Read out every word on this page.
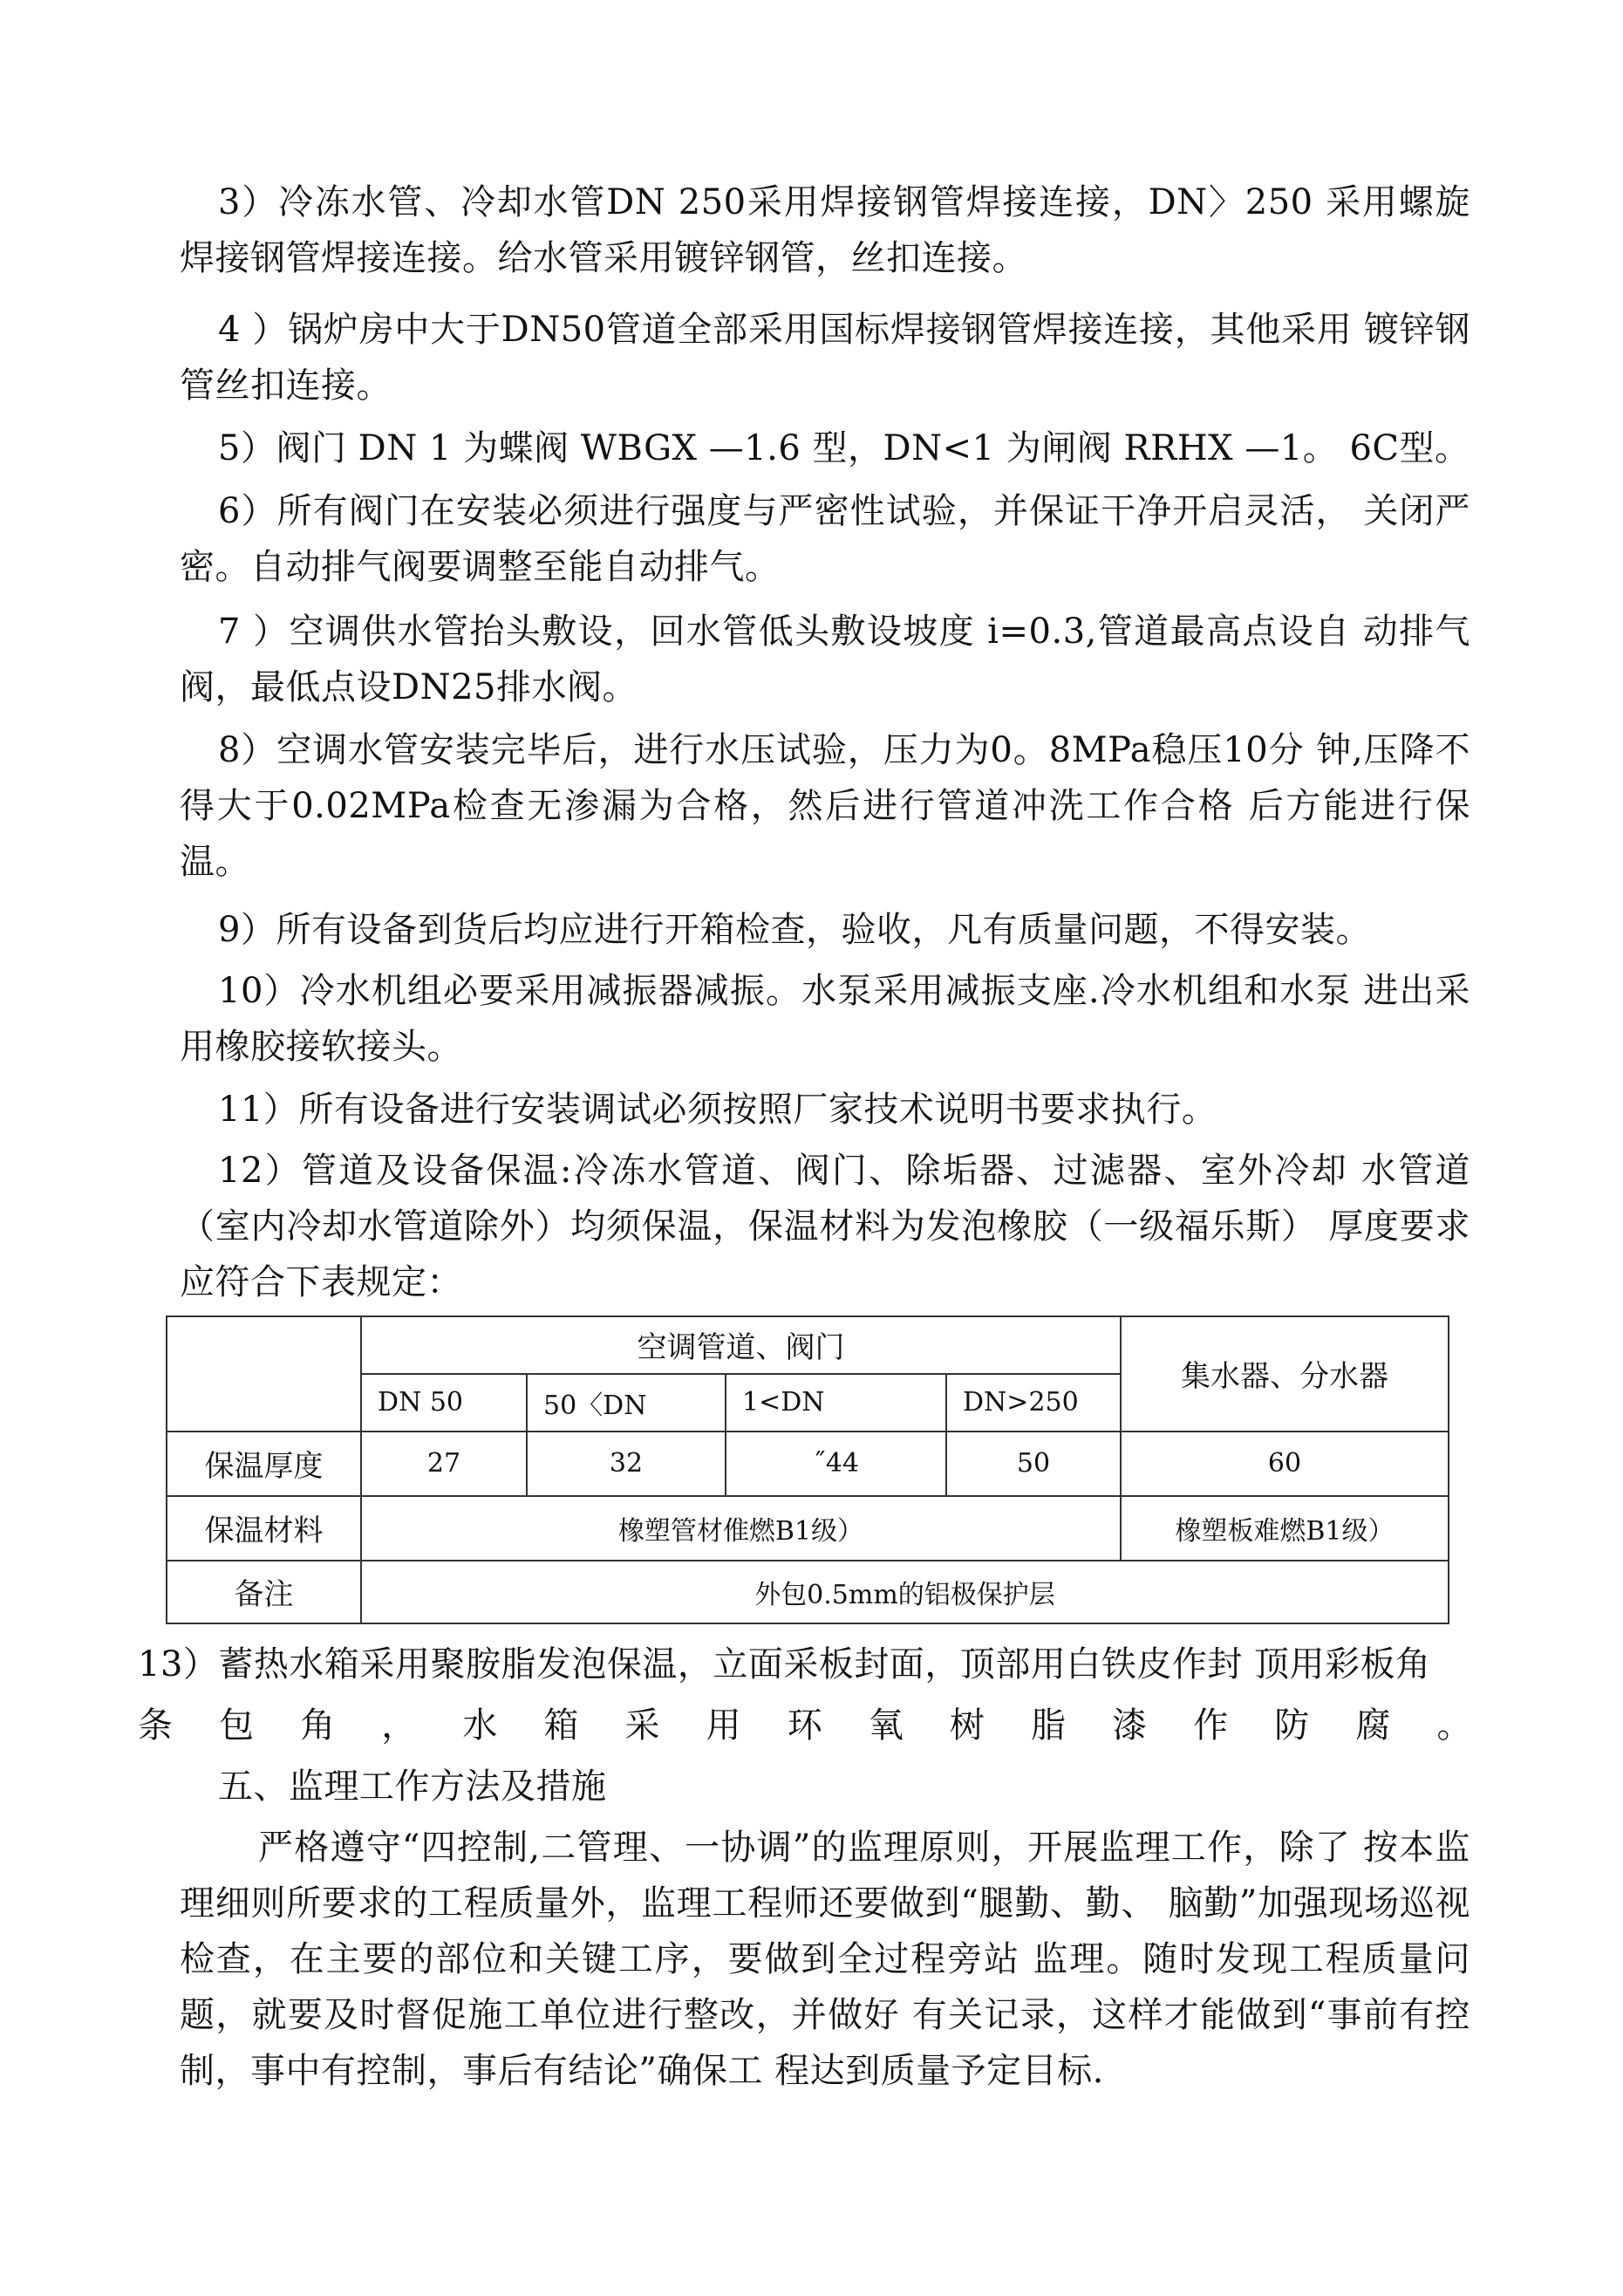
3）冷冻水管、冷却水管DN 250采用焊接钢管焊接连接，DN〉250 采用螺旋焊接钢管焊接连接。给水管采用镀锌钢管，丝扣连接。

4 ）锅炉房中大于DN50管道全部采用国标焊接钢管焊接连接，其他采用 镀锌钢管丝扣连接。

5）阀门 DN 1 为蝶阀 WBGX —1.6 型，DN<1 为闸阀 RRHX —1。 6C型。

6）所有阀门在安装必须进行强度与严密性试验，并保证干净开启灵活， 关闭严密。自动排气阀要调整至能自动排气。

7 ）空调供水管抬头敷设，回水管低头敷设坡度 i=0.3,管道最高点设自 动排气阀，最低点设DN25排水阀。

8）空调水管安装完毕后，进行水压试验，压力为0。8MPa稳压10分 钟,压降不得大于0.02MPa检查无渗漏为合格，然后进行管道冲洗工作合格 后方能进行保温。

9）所有设备到货后均应进行开箱检查，验收，凡有质量问题，不得安装。

10）冷水机组必要采用减振器减振。水泵采用减振支座.冷水机组和水泵 进出采用橡胶接软接头。

11）所有设备进行安装调试必须按照厂家技术说明书要求执行。

12）管道及设备保温:冷冻水管道、阀门、除垢器、过滤器、室外冷却 水管道（室内冷却水管道除外）均须保温，保温材料为发泡橡胶（一级福乐斯） 厚度要求应符合下表规定：

	空调管道、阀门				集水器、分水器
	DN 50	50〈DN	1<DN	DN>250	
保温厚度	27	32	˝44	50	60
保温材料	橡塑管材倠燃B1级）				橡塑板难燃B1级）
备注	外包0.5mm的铝极保护层				

13）蓄热水箱采用聚胺脂发泡保温，立面采板封面，顶部用白铁皮作封 顶用彩板角

条包角，水箱采用环氧树脂漆作防腐。

五、监理工作方法及措施

严格遵守“四控制,二管理、一协调”的监理原则，开展监理工作，除了 按本监理细则所要求的工程质量外，监理工程师还要做到“腿勤、勤、 脑勤”加强现场巡视检查，在主要的部位和关键工序，要做到全过程旁站 监理。随时发现工程质量问题，就要及时督促施工单位进行整改，并做好 有关记录，这样才能做到“事前有控制，事中有控制，事后有结论”确保工 程达到质量予定目标.
